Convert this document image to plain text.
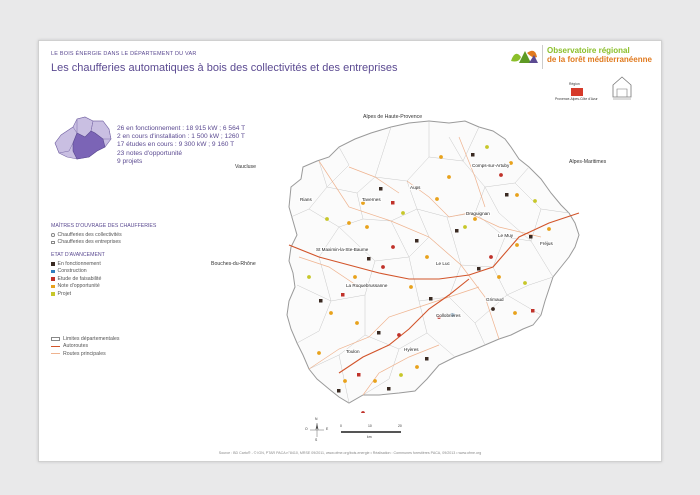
LE BOIS ÉNERGIE DANS LE DÉPARTEMENT DU VAR
Les chaufferies automatiques à bois des collectivités et des entreprises
Observatoire régional
de la forêt méditerranéenne
Région
Provence-Alpes-Côte d'Azur
26 en fonctionnement : 18 915 kW ; 6 564 T
2 en cours d'installation : 1 500 kW ; 1260 T
17 études en cours : 9 300 kW ; 9 160 T
23 notes d'opportunité
9 projets
MAÎTRES D'OUVRAGE DES CHAUFFERIES
Chaufferies des collectivités
Chaufferies des entreprises
ETAT D'AVANCEMENT
En fonctionnement
Construction
Etude de faisabilité
Note d'opportunité
Projet
Limites départementales
Autoroutes
Routes principales
Alpes de Haute-Provence
Vaucluse
Alpes-Maritimes
Bouches-du-Rhône
Comps-sur-Artuby
Aups
Rians	Tavernes
Draguignan
Le Muy
Fréjus
St Maximin-la-Ste-Baume
Le Luc
La Roquebrussanne
Grimaud
Collobrières
Toulon	Hyères
N
O	E
S
0	10	20
km
Source : BD Carto® - © IGN, PTAR PACA n°8410, MRSE 09/2011, www.ofme.org/bois-energie • Réalisation : Communes forestières PACA, 09/2013 • www.ofme.org
